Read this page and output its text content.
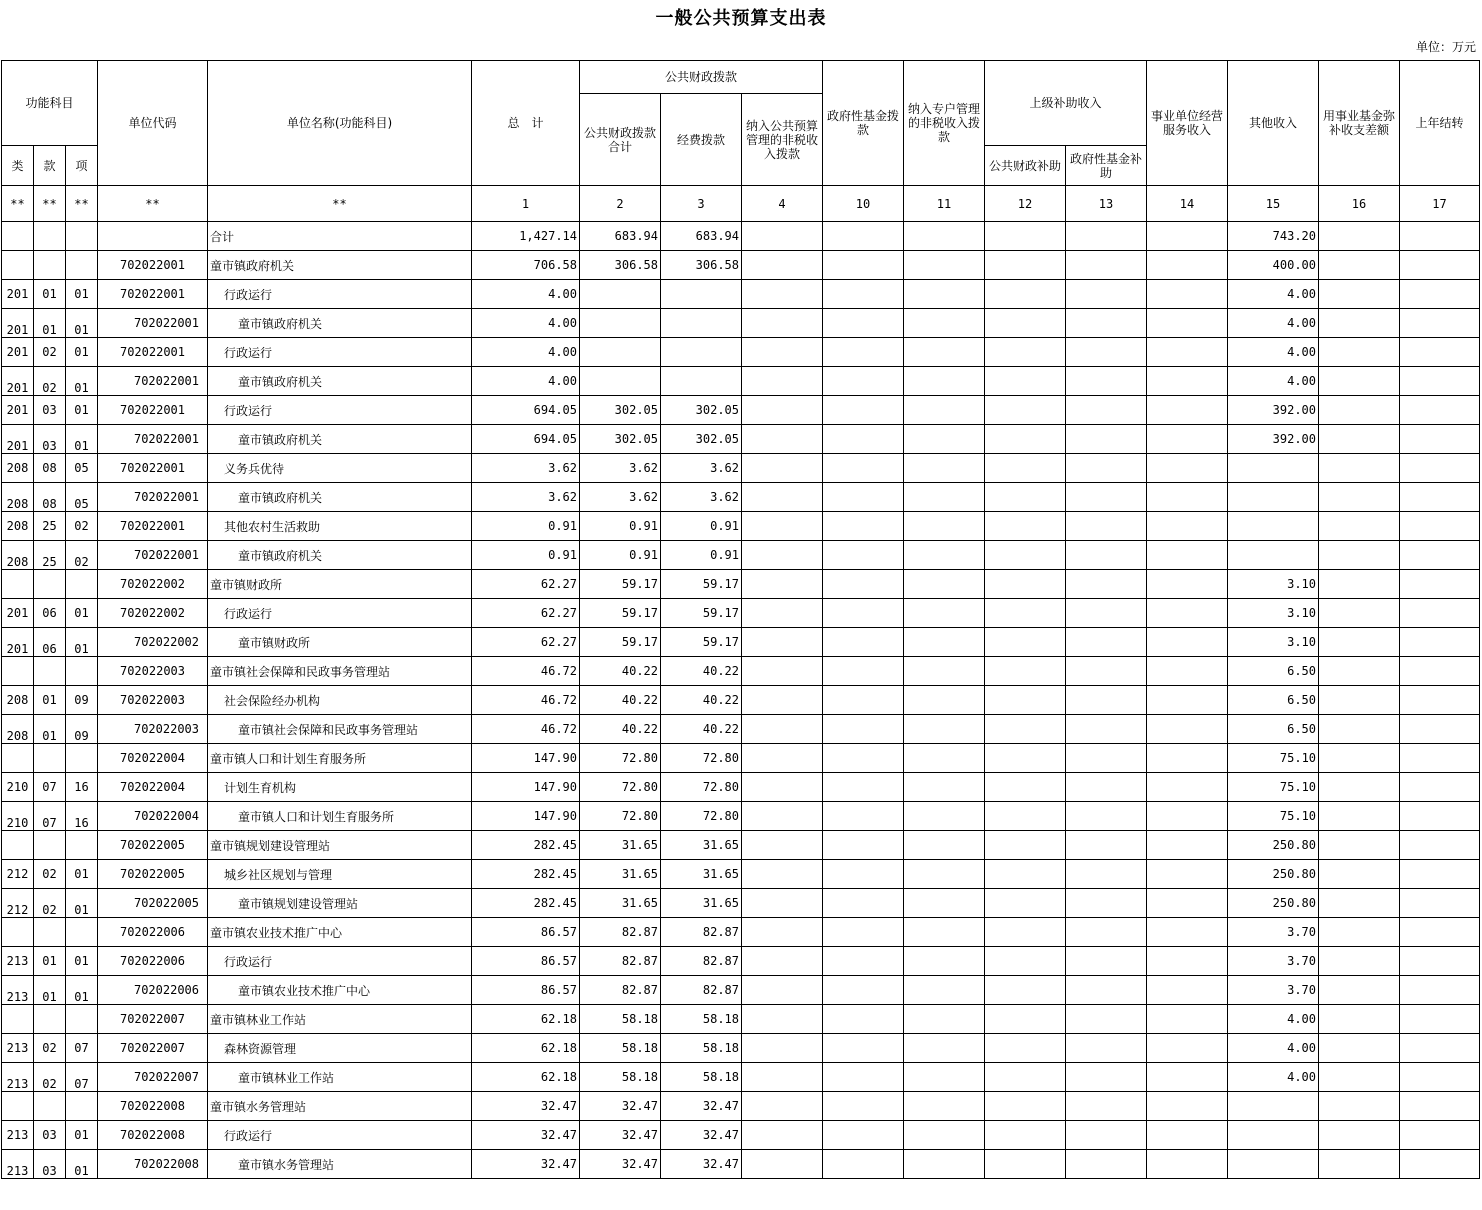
一般公共预算支出表
单位：万元
功能科目			单位代码	单位名称(功能科目)	总　计	公共财政拨款			政府性基金拨款	纳入专户管理的非税收入拨款	上级补助收入		事业单位经营服务收入	其他收入	用事业基金弥补收支差额	上年结转
						公共财政拨款合计	经费拨款	纳入公共预算管理的非税收入拨款								
类	款	项									公共财政补助	政府性基金补助				
**	**	**	**	**	1	2	3	4	10	11	12	13	14	15	16	17
				合计	1,427.14	683.94	683.94							743.20		
			702022001	童市镇政府机关	706.58	306.58	306.58							400.00		
201	01	01	702022001	行政运行	4.00									4.00		
201	01	01	702022001	童市镇政府机关	4.00									4.00		
201	02	01	702022001	行政运行	4.00									4.00		
201	02	01	702022001	童市镇政府机关	4.00									4.00		
201	03	01	702022001	行政运行	694.05	302.05	302.05							392.00		
201	03	01	702022001	童市镇政府机关	694.05	302.05	302.05							392.00		
208	08	05	702022001	义务兵优待	3.62	3.62	3.62									
208	08	05	702022001	童市镇政府机关	3.62	3.62	3.62									
208	25	02	702022001	其他农村生活救助	0.91	0.91	0.91									
208	25	02	702022001	童市镇政府机关	0.91	0.91	0.91									
			702022002	童市镇财政所	62.27	59.17	59.17							3.10		
201	06	01	702022002	行政运行	62.27	59.17	59.17							3.10		
201	06	01	702022002	童市镇财政所	62.27	59.17	59.17							3.10		
			702022003	童市镇社会保障和民政事务管理站	46.72	40.22	40.22							6.50		
208	01	09	702022003	社会保险经办机构	46.72	40.22	40.22							6.50		
208	01	09	702022003	童市镇社会保障和民政事务管理站	46.72	40.22	40.22							6.50		
			702022004	童市镇人口和计划生育服务所	147.90	72.80	72.80							75.10		
210	07	16	702022004	计划生育机构	147.90	72.80	72.80							75.10		
210	07	16	702022004	童市镇人口和计划生育服务所	147.90	72.80	72.80							75.10		
			702022005	童市镇规划建设管理站	282.45	31.65	31.65							250.80		
212	02	01	702022005	城乡社区规划与管理	282.45	31.65	31.65							250.80		
212	02	01	702022005	童市镇规划建设管理站	282.45	31.65	31.65							250.80		
			702022006	童市镇农业技术推广中心	86.57	82.87	82.87							3.70		
213	01	01	702022006	行政运行	86.57	82.87	82.87							3.70		
213	01	01	702022006	童市镇农业技术推广中心	86.57	82.87	82.87							3.70		
			702022007	童市镇林业工作站	62.18	58.18	58.18							4.00		
213	02	07	702022007	森林资源管理	62.18	58.18	58.18							4.00		
213	02	07	702022007	童市镇林业工作站	62.18	58.18	58.18							4.00		
			702022008	童市镇水务管理站	32.47	32.47	32.47									
213	03	01	702022008	行政运行	32.47	32.47	32.47									
213	03	01	702022008	童市镇水务管理站	32.47	32.47	32.47									
